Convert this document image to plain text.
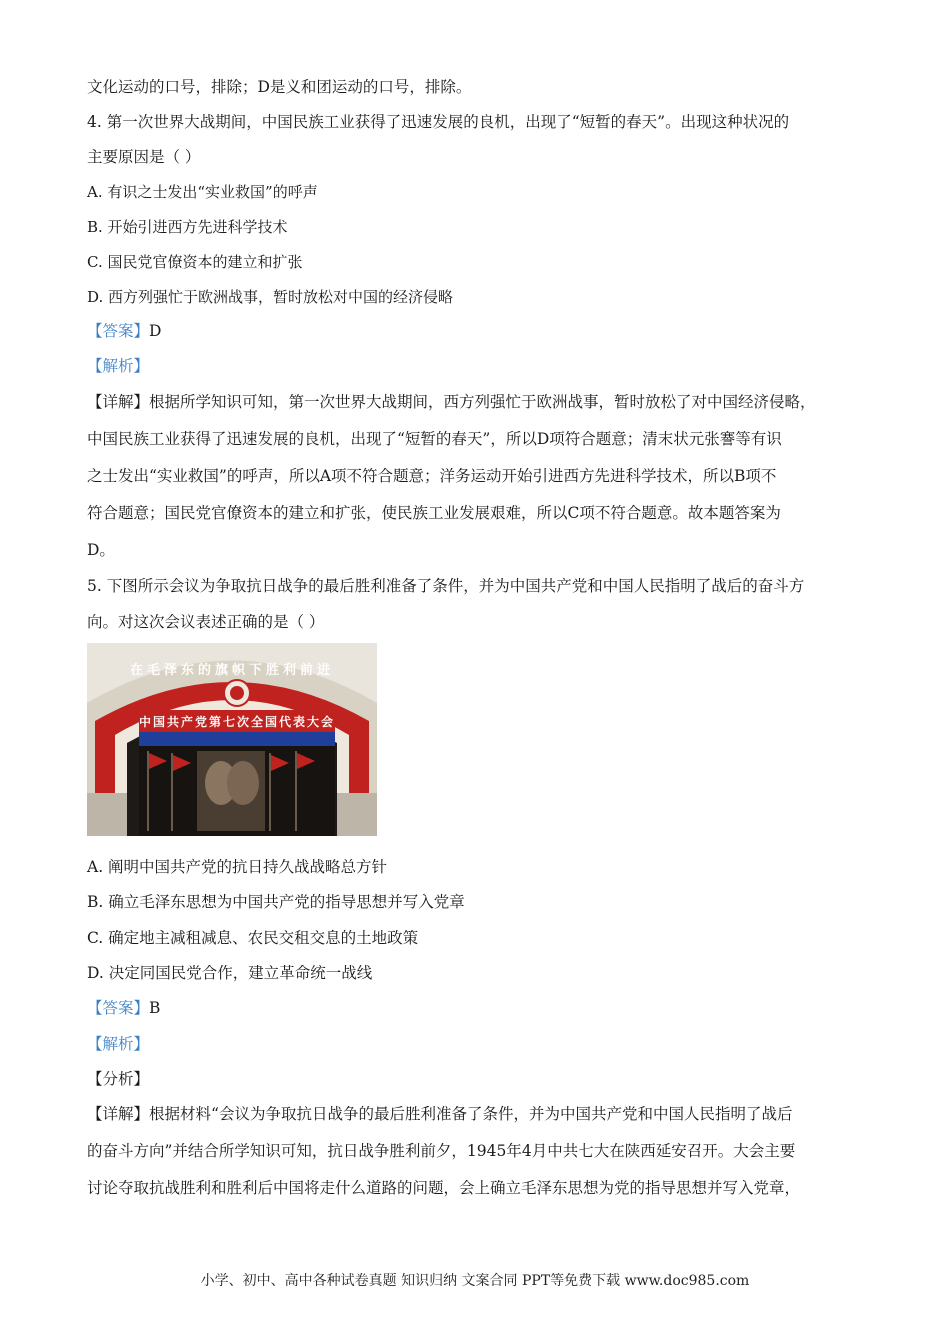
文化运动的口号，排除；D是义和团运动的口号，排除。
4. 第一次世界大战期间，中国民族工业获得了迅速发展的良机，出现了“短暂的春天”。出现这种状况的
主要原因是（ ）
A. 有识之士发出“实业救国”的呼声
B. 开始引进西方先进科学技术
C. 国民党官僚资本的建立和扩张
D. 西方列强忙于欧洲战事，暂时放松对中国的经济侵略
【答案】D
【解析】
【详解】根据所学知识可知，第一次世界大战期间，西方列强忙于欧洲战事，暂时放松了对中国经济侵略，
中国民族工业获得了迅速发展的良机，出现了“短暂的春天”，所以D项符合题意；清末状元张謇等有识
之士发出“实业救国”的呼声，所以A项不符合题意；洋务运动开始引进西方先进科学技术，所以B项不
符合题意；国民党官僚资本的建立和扩张，使民族工业发展艰难，所以C项不符合题意。故本题答案为
D。
5. 下图所示会议为争取抗日战争的最后胜利准备了条件，并为中国共产党和中国人民指明了战后的奋斗方
向。对这次会议表述正确的是（ ）
在毛泽东的旗帜下胜利前进
中国共产党第七次全国代表大会
A. 阐明中国共产党的抗日持久战战略总方针
B. 确立毛泽东思想为中国共产党的指导思想并写入党章
C. 确定地主减租减息、农民交租交息的土地政策
D. 决定同国民党合作，建立革命统一战线
【答案】B
【解析】
【分析】
【详解】根据材料“会议为争取抗日战争的最后胜利准备了条件，并为中国共产党和中国人民指明了战后
的奋斗方向”并结合所学知识可知，抗日战争胜利前夕，1945年4月中共七大在陕西延安召开。大会主要
讨论夺取抗战胜利和胜利后中国将走什么道路的问题，会上确立毛泽东思想为党的指导思想并写入党章，
小学、初中、高中各种试卷真题 知识归纳 文案合同 PPT等免费下载 www.doc985.com
